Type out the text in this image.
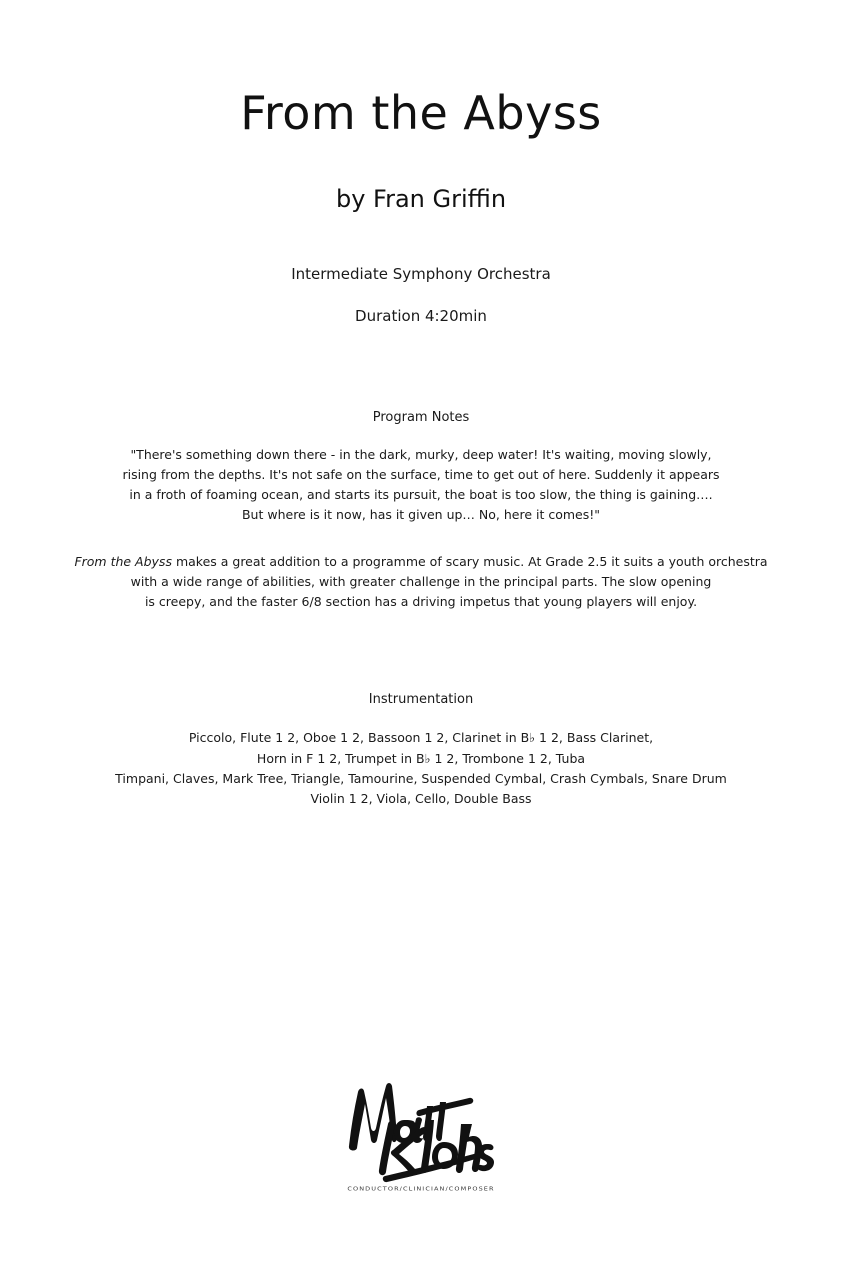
From the Abyss
by Fran Griffin
Intermediate Symphony Orchestra
Duration 4:20min
Program Notes
"There's something down there - in the dark, murky, deep water! It's waiting, moving slowly,
rising from the depths. It's not safe on the surface, time to get out of here. Suddenly it appears
in a froth of foaming ocean, and starts its pursuit, the boat is too slow, the thing is gaining….
But where is it now, has it given up… No, here it comes!"
From the Abyss makes a great addition to a programme of scary music. At Grade 2.5 it suits a youth orchestra
with a wide range of abilities, with greater challenge in the principal parts. The slow opening
is creepy, and the faster 6/8 section has a driving impetus that young players will enjoy.
Instrumentation
Piccolo, Flute 1 2, Oboe 1 2, Bassoon 1 2, Clarinet in B♭ 1 2, Bass Clarinet,
Horn in F 1 2, Trumpet in B♭ 1 2, Trombone 1 2, Tuba
Timpani, Claves, Mark Tree, Triangle, Tamourine, Suspended Cymbal, Crash Cymbals, Snare Drum
Violin 1 2, Viola, Cello, Double Bass
CONDUCTOR/CLINICIAN/COMPOSER
